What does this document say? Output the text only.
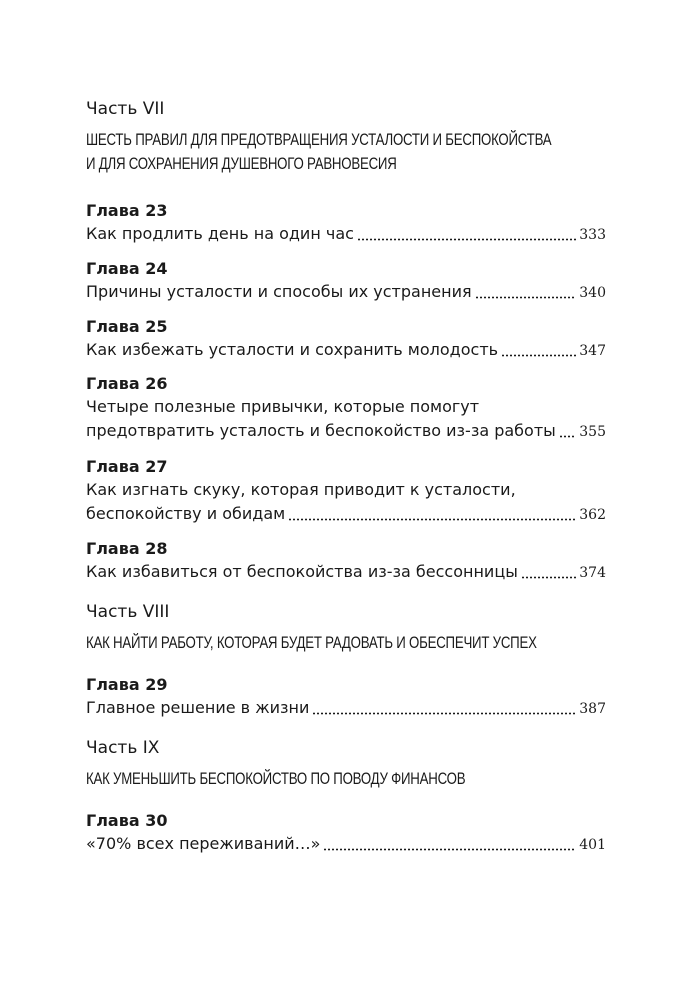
Часть VII
ШЕСТЬ ПРАВИЛ ДЛЯ ПРЕДОТВРАЩЕНИЯ УСТАЛОСТИ И БЕСПОКОЙСТВА
И ДЛЯ СОХРАНЕНИЯ ДУШЕВНОГО РАВНОВЕСИЯ
Глава 23
Как продлить день на один час	333
Глава 24
Причины усталости и способы их устранения	340
Глава 25
Как избежать усталости и сохранить молодость	347
Глава 26
Четыре полезные привычки, которые помогут
предотвратить усталость и беспокойство из-за работы 355
Глава 27
Как изгнать скуку, которая приводит к усталости,
беспокойству и обидам	362
Глава 28
Как избавиться от беспокойства из-за бессонницы	374
Часть VIII
КАК НАЙТИ РАБОТУ, КОТОРАЯ БУДЕТ РАДОВАТЬ И ОБЕСПЕЧИТ УСПЕХ
Глава 29
Главное решение в жизни	387
Часть IX
КАК УМЕНЬШИТЬ БЕСПОКОЙСТВО ПО ПОВОДУ ФИНАНСОВ
Глава 30
«70% всех переживаний…»	401
